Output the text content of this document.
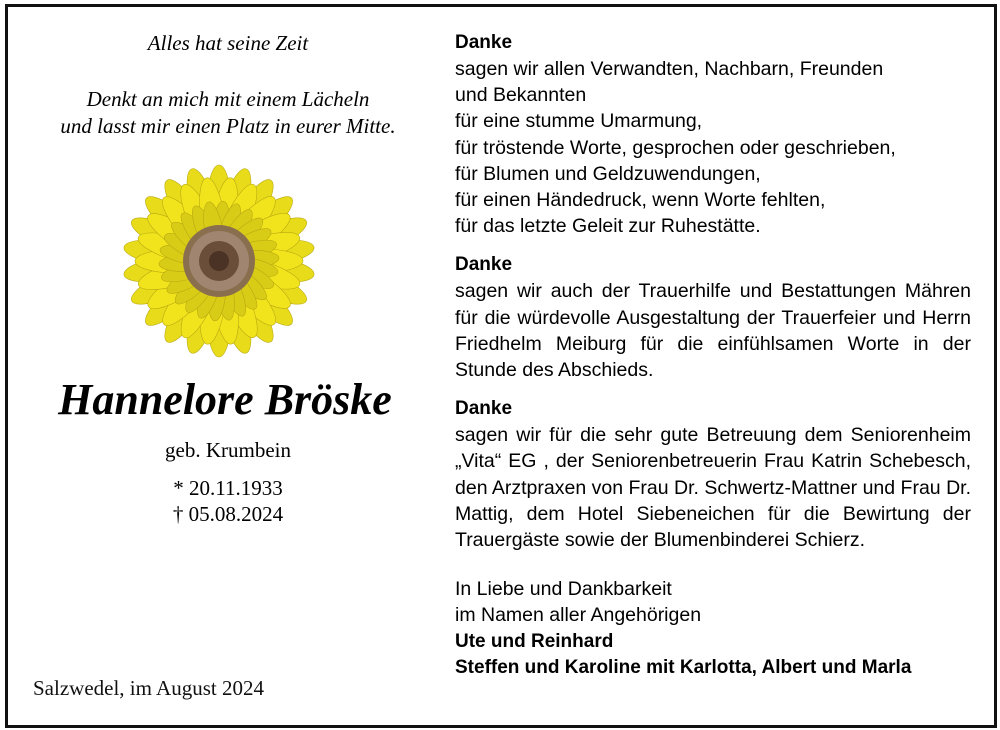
Alles hat seine Zeit
Denkt an mich mit einem Lächeln
und lasst mir einen Platz in eurer Mitte.
Hannelore Bröske
geb. Krumbein
* 20.11.1933
† 05.08.2024
Salzwedel, im August 2024
Danke
sagen wir allen Verwandten, Nachbarn, Freunden
und Bekannten
für eine stumme Umarmung,
für tröstende Worte, gesprochen oder geschrieben,
für Blumen und Geldzuwendungen,
für einen Händedruck, wenn Worte fehlten,
für das letzte Geleit zur Ruhestätte.
Danke
sagen wir auch der Trauerhilfe und Bestattungen Mähren für die würdevolle Ausgestaltung der Trauerfeier und Herrn Friedhelm Meiburg für die einfühlsamen Worte in der Stunde des Abschieds.
Danke
sagen wir für die sehr gute Betreuung dem Seniorenheim „Vita“ EG , der Seniorenbetreuerin Frau Katrin Schebesch, den Arztpraxen von Frau Dr. Schwertz-Mattner und Frau Dr. Mattig, dem Hotel Siebeneichen für die Bewirtung der Trauergäste sowie der Blumenbinderei Schierz.
In Liebe und Dankbarkeit
im Namen aller Angehörigen
Ute und Reinhard
Steffen und Karoline mit Karlotta, Albert und Marla
